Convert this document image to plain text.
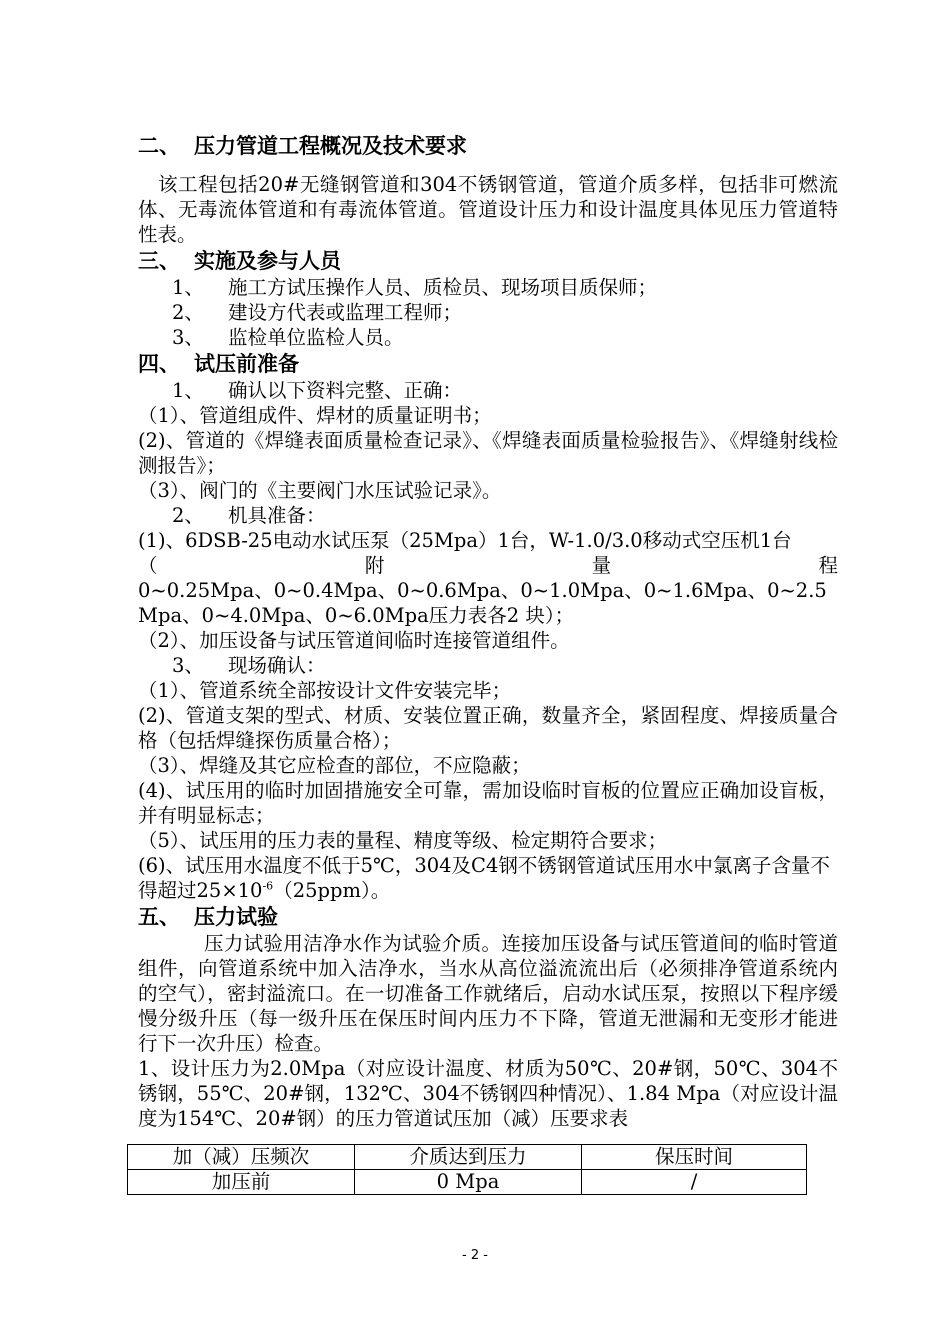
二、 压力管道工程概况及技术要求

该工程包括20#无缝钢管道和304不锈钢管道，管道介质多样，包括非可燃流体、无毒流体管道和有毒流体管道。管道设计压力和设计温度具体见压力管道特性表。

三、 实施及参与人员

1、 施工方试压操作人员、质检员、现场项目质保师；

2、 建设方代表或监理工程师；

3、 监检单位监检人员。

四、 试压前准备

1、 确认以下资料完整、正确：

（1）、管道组成件、焊材的质量证明书；

(2)、管道的《焊缝表面质量检查记录》、《焊缝表面质量检验报告》、《焊缝射线检测报告》；

（3）、阀门的《主要阀门水压试验记录》。

2、 机具准备：

(1)、6DSB-25电动水试压泵（25Mpa）1台，W-1.0/3.0移动式空压机1台

（	附	量	程

0~0.25Mpa、0~0.4Mpa、0~0.6Mpa、0~1.0Mpa、0~1.6Mpa、0~2.5Mpa、0~4.0Mpa、0~6.0Mpa压力表各2 块）；

（2）、加压设备与试压管道间临时连接管道组件。

3、 现场确认：

（1）、管道系统全部按设计文件安装完毕；

(2)、管道支架的型式、材质、安装位置正确，数量齐全，紧固程度、焊接质量合格（包括焊缝探伤质量合格）；

（3）、焊缝及其它应检查的部位，不应隐蔽；

(4)、试压用的临时加固措施安全可靠，需加设临时盲板的位置应正确加设盲板，并有明显标志；

（5）、试压用的压力表的量程、精度等级、检定期符合要求；

(6)、试压用水温度不低于5℃，304及C4钢不锈钢管道试压用水中氯离子含量不得超过$25\times 10^{-6}(25ppm)$。

五、 压力试验

压力试验用洁净水作为试验介质。连接加压设备与试压管道间的临时管道组件，向管道系统中加入洁净水，当水从高位溢流流出后（必须排净管道系统内的空气），密封溢流口。在一切准备工作就绪后，启动水试压泵，按照以下程序缓慢分级升压（每一级升压在保压时间内压力不下降，管道无泄漏和无变形才能进行下一次升压）检查。

1、设计压力为2.0Mpa（对应设计温度、材质为50℃、20#钢，50℃、304不锈钢，55℃、20#钢，132℃、304不锈钢四种情况）、1.84 Mpa（对应设计温度为154℃、20#钢）的压力管道试压加（减）压要求表

加（减）压频次	介质达到压力	保压时间
加压前	0 Mpa	/
- 2 -
